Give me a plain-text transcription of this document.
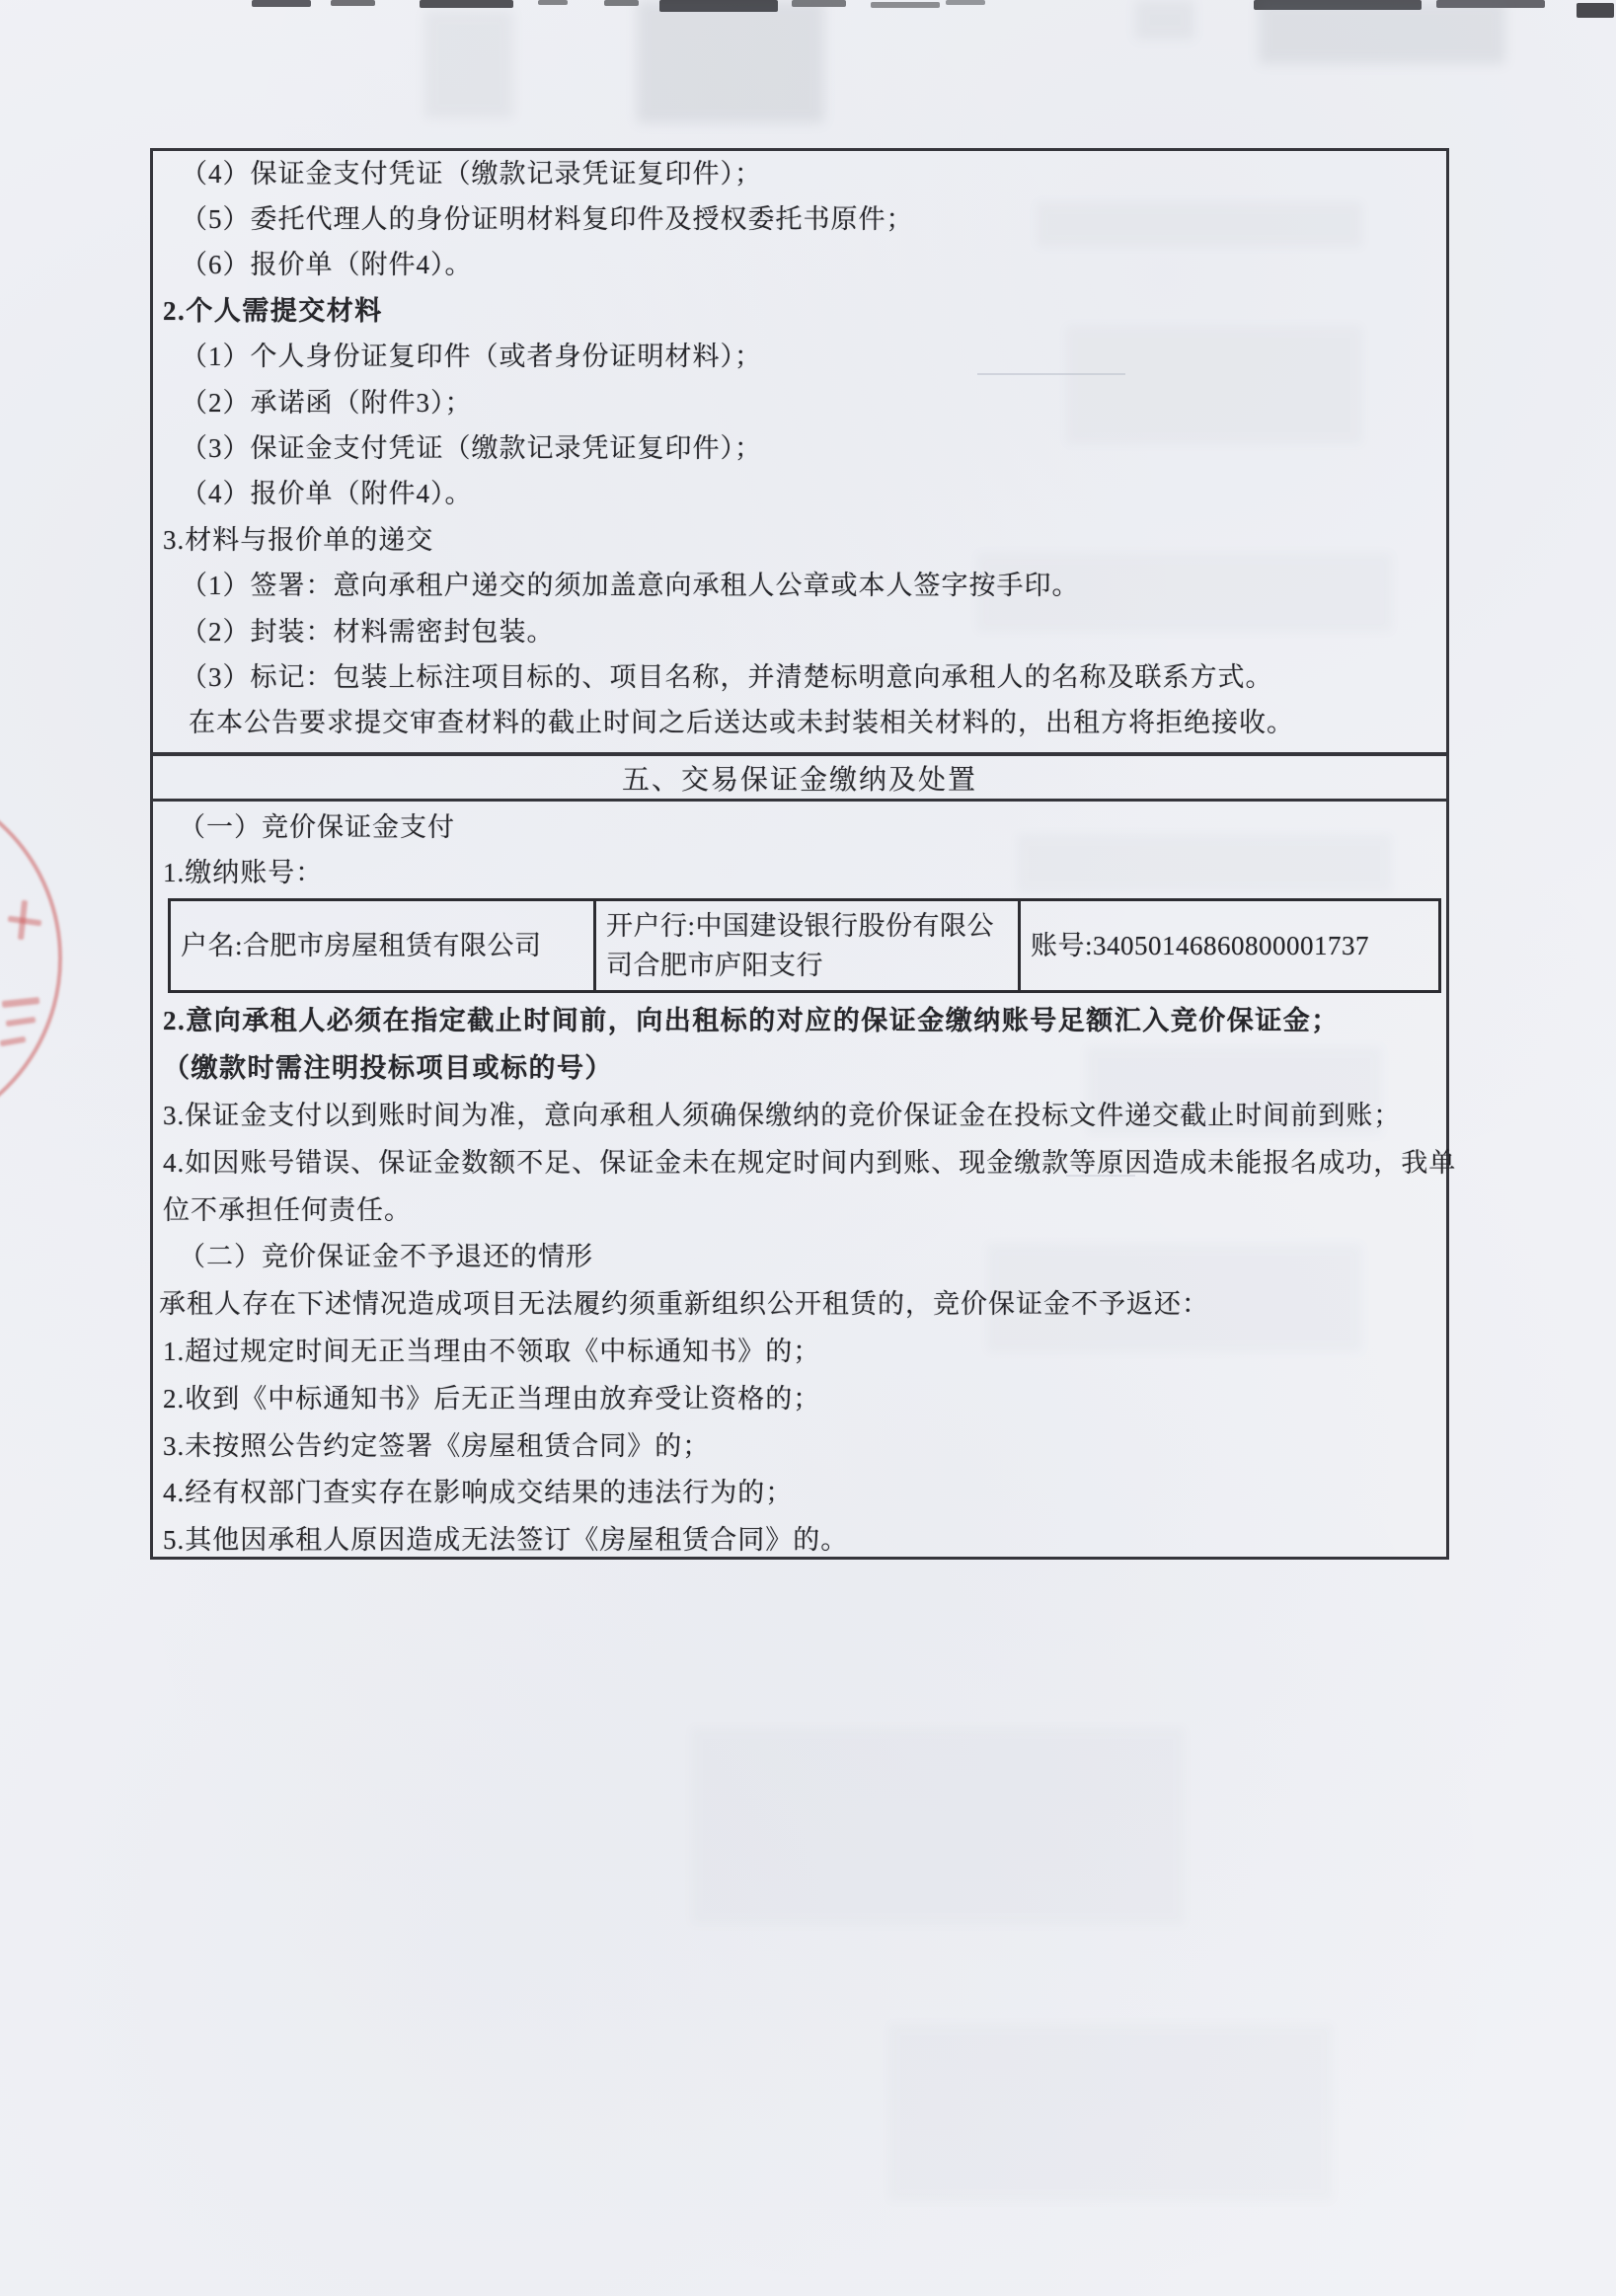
（4）保证金支付凭证（缴款记录凭证复印件）；
（5）委托代理人的身份证明材料复印件及授权委托书原件；
（6）报价单（附件4）。
2.个人需提交材料
（1）个人身份证复印件（或者身份证明材料）；
（2）承诺函（附件3）；
（3）保证金支付凭证（缴款记录凭证复印件）；
（4）报价单（附件4）。
3.材料与报价单的递交
（1）签署：意向承租户递交的须加盖意向承租人公章或本人签字按手印。
（2）封装：材料需密封包装。
（3）标记：包装上标注项目标的、项目名称，并清楚标明意向承租人的名称及联系方式。
在本公告要求提交审查材料的截止时间之后送达或未封装相关材料的，出租方将拒绝接收。
五、交易保证金缴纳及处置
（一）竞价保证金支付
1.缴纳账号：
户名:合肥市房屋租赁有限公司
开户行:中国建设银行股份有限公司合肥市庐阳支行
账号:34050146860800001737
2.意向承租人必须在指定截止时间前，向出租标的对应的保证金缴纳账号足额汇入竞价保证金；
（缴款时需注明投标项目或标的号）
3.保证金支付以到账时间为准，意向承租人须确保缴纳的竞价保证金在投标文件递交截止时间前到账；
4.如因账号错误、保证金数额不足、保证金未在规定时间内到账、现金缴款等原因造成未能报名成功，我单
位不承担任何责任。
（二）竞价保证金不予退还的情形
承租人存在下述情况造成项目无法履约须重新组织公开租赁的，竞价保证金不予返还：
1.超过规定时间无正当理由不领取《中标通知书》的；
2.收到《中标通知书》后无正当理由放弃受让资格的；
3.未按照公告约定签署《房屋租赁合同》的；
4.经有权部门查实存在影响成交结果的违法行为的；
5.其他因承租人原因造成无法签订《房屋租赁合同》的。
